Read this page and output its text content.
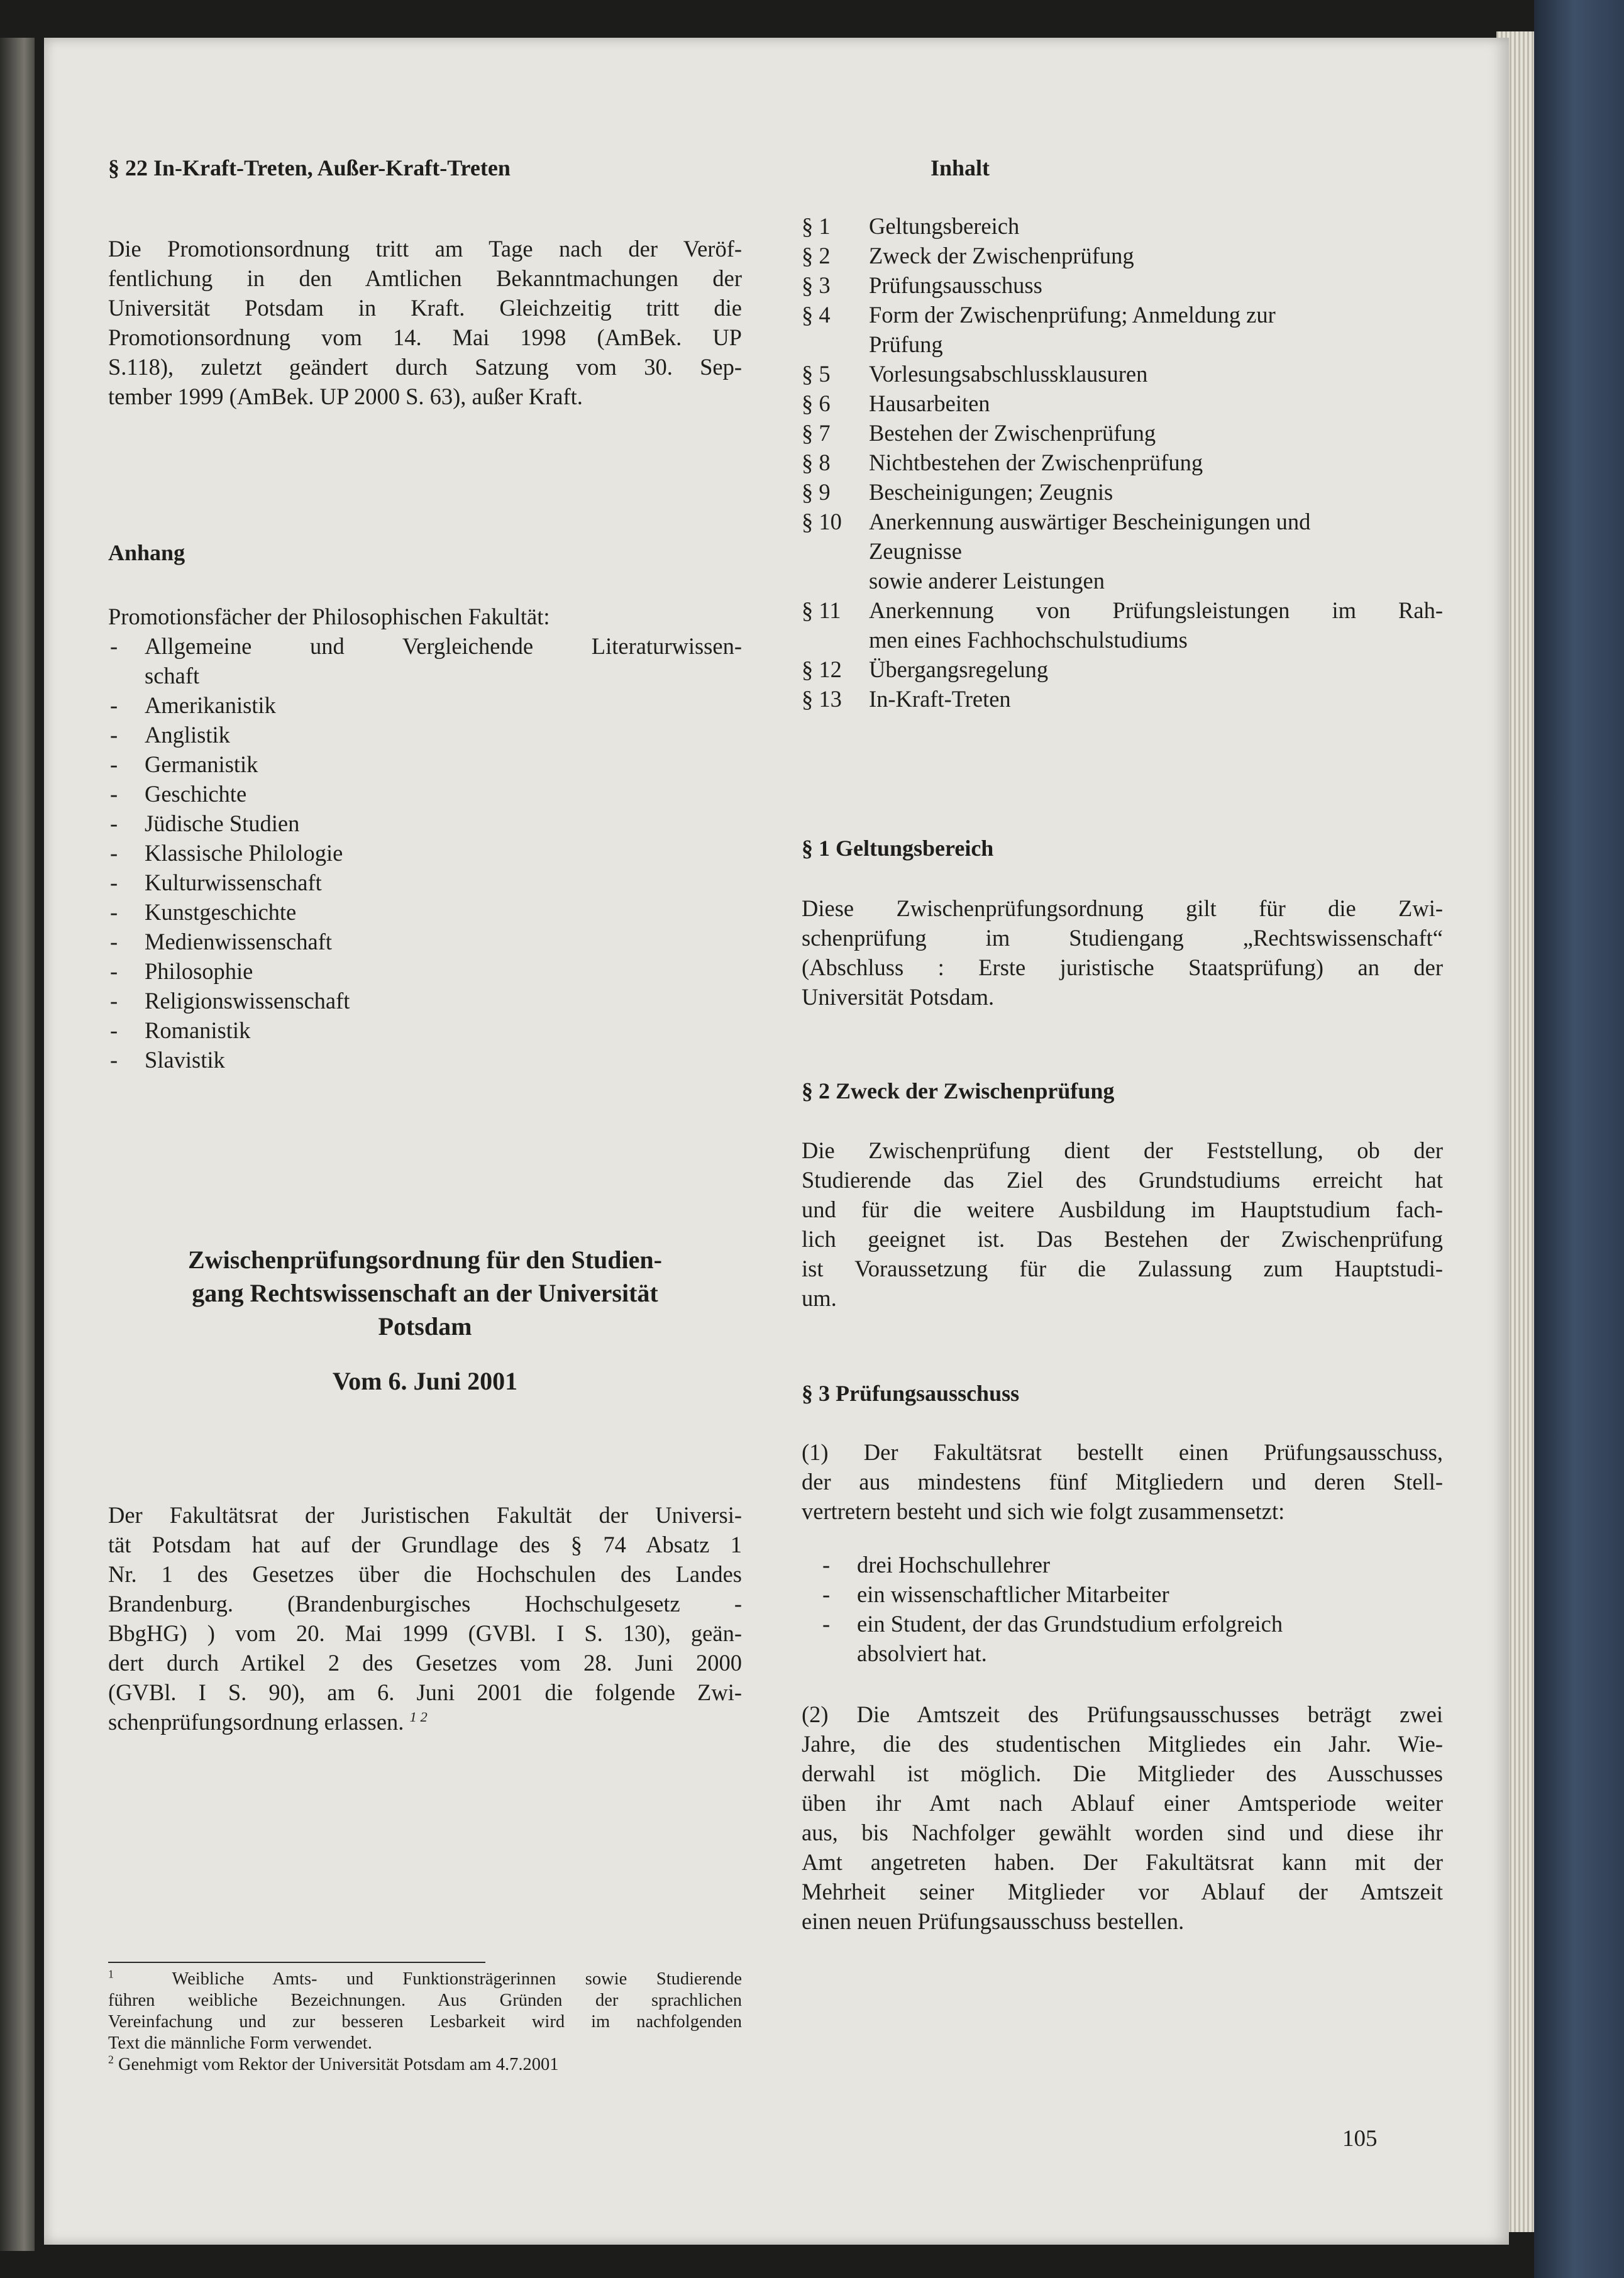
§ 22 In-Kraft-Treten, Außer-Kraft-Treten

Die Promotionsordnung tritt am Tage nach der Veröf-
fentlichung in den Amtlichen Bekanntmachungen der
Universität Potsdam in Kraft. Gleichzeitig tritt die
Promotionsordnung vom 14. Mai 1998 (AmBek. UP
S.118), zuletzt geändert durch Satzung vom 30. Sep-
tember 1999 (AmBek. UP 2000 S. 63), außer Kraft.

Anhang
Promotionsfächer der Philosophischen Fakultät:
- Allgemeine und Vergleichende Literaturwissen-
schaft
- Amerikanistik
- Anglistik
- Germanistik
- Geschichte
- Jüdische Studien
- Klassische Philologie
- Kulturwissenschaft
- Kunstgeschichte
- Medienwissenschaft
- Philosophie
- Religionswissenschaft
- Romanistik
- Slavistik
Zwischenprüfungsordnung für den Studien-
gang Rechtswissenschaft an der Universität
Potsdam
Vom 6. Juni 2001

Der Fakultätsrat der Juristischen Fakultät der Universi-
tät Potsdam hat auf der Grundlage des § 74 Absatz 1
Nr. 1 des Gesetzes über die Hochschulen des Landes
Brandenburg. (Brandenburgisches Hochschulgesetz -
BbgHG) ) vom 20. Mai 1999 (GVBl. I S. 130), geän-
dert durch Artikel 2 des Gesetzes vom 28. Juni 2000
(GVBl. I S. 90), am 6. Juni 2001 die folgende Zwi-
schenprüfungsordnung erlassen. $^{1 2}$

$^1$	Weibliche Amts- und Funktionsträgerinnen sowie Studierende
führen weibliche Bezeichnungen. Aus Gründen der sprachlichen
Vereinfachung und zur besseren Lesbarkeit wird im nachfolgenden
Text die männliche Form verwendet.
$^2$ Genehmigt vom Rektor der Universität Potsdam am 4.7.2001
Inhalt
§ 1 Geltungsbereich
§ 2 Zweck der Zwischenprüfung
§ 3 Prüfungsausschuss
§ 4 Form der Zwischenprüfung; Anmeldung zur
Prüfung
§ 5 Vorlesungsabschlussklausuren
§ 6 Hausarbeiten
§ 7 Bestehen der Zwischenprüfung
§ 8 Nichtbestehen der Zwischenprüfung
§ 9 Bescheinigungen; Zeugnis
§ 10 Anerkennung auswärtiger Bescheinigungen und
Zeugnisse
sowie anderer Leistungen
§ 11 Anerkennung von Prüfungsleistungen im Rah-
men eines Fachhochschulstudiums
§ 12 Übergangsregelung
§ 13 In-Kraft-Treten
§ 1 Geltungsbereich

Diese Zwischenprüfungsordnung gilt für die Zwi-
schenprüfung im Studiengang „Rechtswissenschaft“
(Abschluss : Erste juristische Staatsprüfung) an der
Universität Potsdam.

§ 2 Zweck der Zwischenprüfung

Die Zwischenprüfung dient der Feststellung, ob der
Studierende das Ziel des Grundstudiums erreicht hat
und für die weitere Ausbildung im Hauptstudium fach-
lich geeignet ist. Das Bestehen der Zwischenprüfung
ist Voraussetzung für die Zulassung zum Hauptstudi-
um.

§ 3 Prüfungsausschuss

(1) Der Fakultätsrat bestellt einen Prüfungsausschuss,
der aus mindestens fünf Mitgliedern und deren Stell-
vertretern besteht und sich wie folgt zusammensetzt:

- drei Hochschullehrer
- ein wissenschaftlicher Mitarbeiter
- ein Student, der das Grundstudium erfolgreich
absolviert hat.

(2) Die Amtszeit des Prüfungsausschusses beträgt zwei
Jahre, die des studentischen Mitgliedes ein Jahr. Wie-
derwahl ist möglich. Die Mitglieder des Ausschusses
üben ihr Amt nach Ablauf einer Amtsperiode weiter
aus, bis Nachfolger gewählt worden sind und diese ihr
Amt angetreten haben. Der Fakultätsrat kann mit der
Mehrheit seiner Mitglieder vor Ablauf der Amtszeit
einen neuen Prüfungsausschuss bestellen.

105
